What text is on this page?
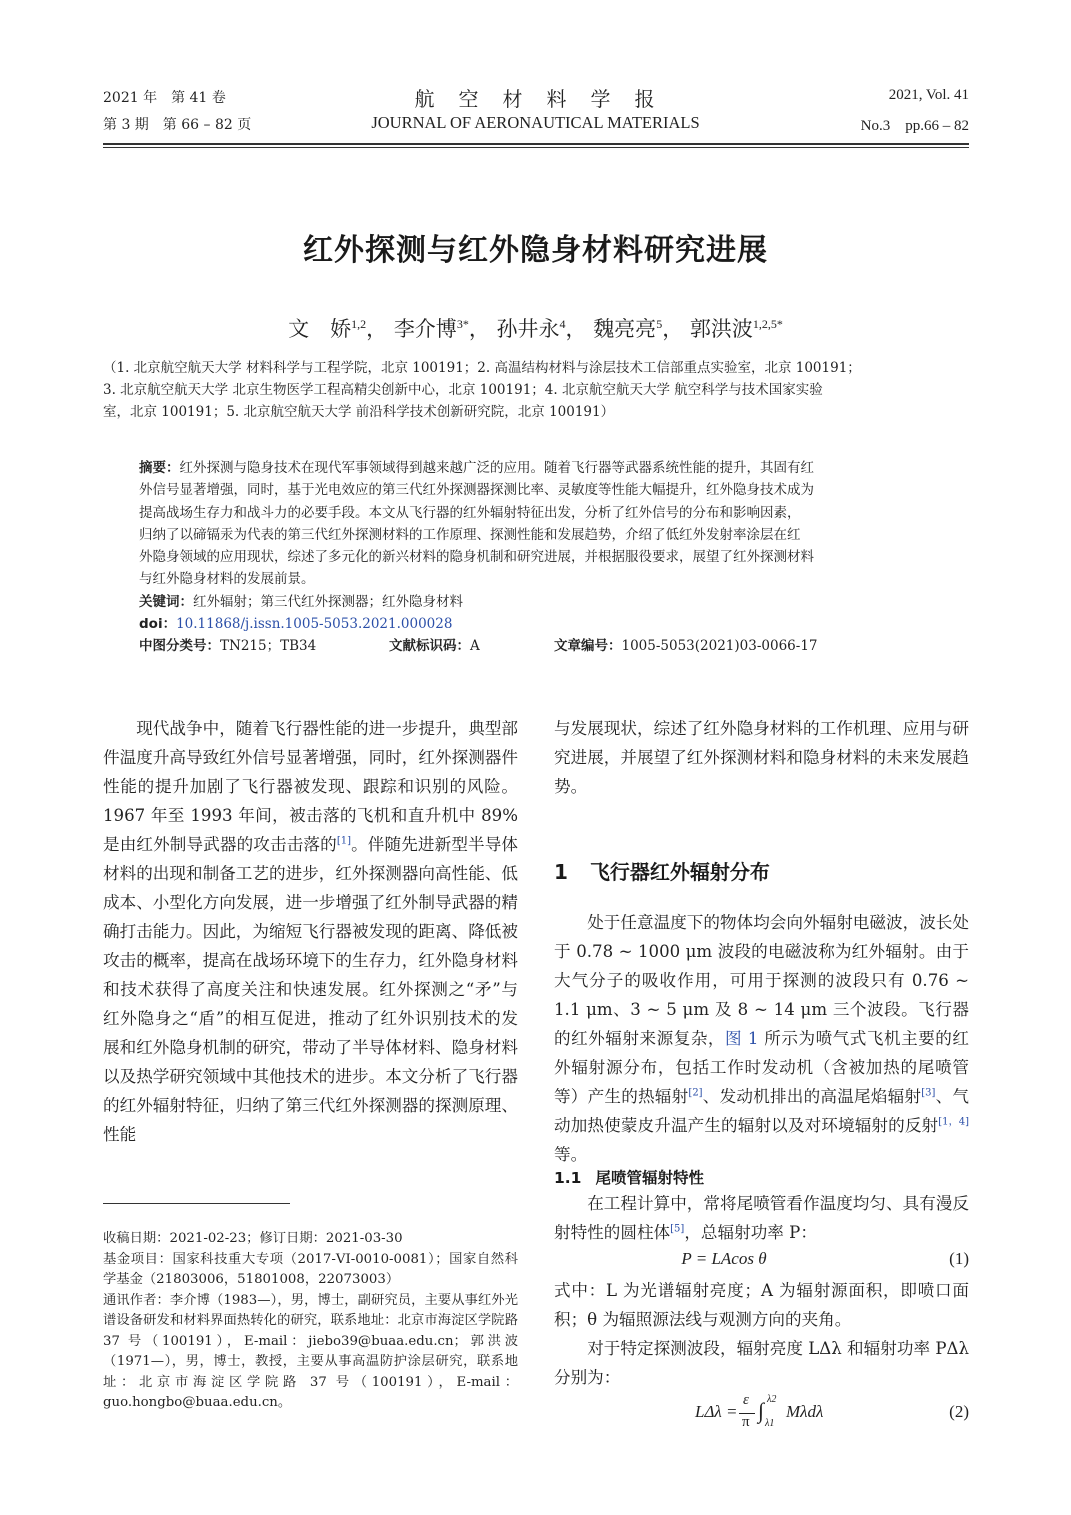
2021 年　第 41 卷
第 3 期　第 66 – 82 页
航　空　材　料　学　报
JOURNAL OF AERONAUTICAL MATERIALS
2021, Vol. 41
No.3　pp.66 – 82
红外探测与红外隐身材料研究进展
文　娇$^{1,2}$， 李介博$^{3*}$， 孙井永$^4$， 魏亮亮$^5$， 郭洪波$^{1,2,5*}$
（1. 北京航空航天大学 材料科学与工程学院，北京 100191；2. 高温结构材料与涂层技术工信部重点实验室，北京 100191；
3. 北京航空航天大学 北京生物医学工程高精尖创新中心，北京 100191；4. 北京航空航天大学 航空科学与技术国家实验
室，北京 100191；5. 北京航空航天大学 前沿科学技术创新研究院，北京 100191）
摘要：红外探测与隐身技术在现代军事领域得到越来越广泛的应用。随着飞行器等武器系统性能的提升，其固有红
外信号显著增强，同时，基于光电效应的第三代红外探测器探测比率、灵敏度等性能大幅提升，红外隐身技术成为
提高战场生存力和战斗力的必要手段。本文从飞行器的红外辐射特征出发，分析了红外信号的分布和影响因素，
归纳了以碲镉汞为代表的第三代红外探测材料的工作原理、探测性能和发展趋势，介绍了低红外发射率涂层在红
外隐身领域的应用现状，综述了多元化的新兴材料的隐身机制和研究进展，并根据服役要求，展望了红外探测材料
与红外隐身材料的发展前景。
关键词：红外辐射；第三代红外探测器；红外隐身材料
doi：10.11868/j.issn.1005-5053.2021.000028
中图分类号：TN215；TB34	文献标识码：A	文章编号：1005-5053(2021)03-0066-17

现代战争中，随着飞行器性能的进一步提升，典型部件温度升高导致红外信号显著增强，同时，红外探测器件性能的提升加剧了飞行器被发现、跟踪和识别的风险。1967 年至 1993 年间，被击落的飞机和直升机中 89% 是由红外制导武器的攻击击落的[1]。伴随先进新型半导体材料的出现和制备工艺的进步，红外探测器向高性能、低成本、小型化方向发展，进一步增强了红外制导武器的精确打击能力。因此，为缩短飞行器被发现的距离、降低被攻击的概率，提高在战场环境下的生存力，红外隐身材料和技术获得了高度关注和快速发展。红外探测之“矛”与红外隐身之“盾”的相互促进，推动了红外识别技术的发展和红外隐身机制的研究，带动了半导体材料、隐身材料以及热学研究领域中其他技术的进步。本文分析了飞行器的红外辐射特征，归纳了第三代红外探测器的探测原理、性能

收稿日期：2021-02-23；修订日期：2021-03-30
基金项目：国家科技重大专项（2017-VI-0010-0081）；国家自然科学基金（21803006，51801008，22073003）
通讯作者：李介博（1983—），男，博士，副研究员，主要从事红外光谱设备研发和材料界面热转化的研究，联系地址：北京市海淀区学院路 37 号（100191），E-mail：jiebo39@buaa.edu.cn；郭洪波（1971—），男，博士，教授，主要从事高温防护涂层研究，联系地址：北京市海淀区学院路 37 号（100191），E-mail：guo.hongbo@buaa.edu.cn。

与发展现状，综述了红外隐身材料的工作机理、应用与研究进展，并展望了红外探测材料和隐身材料的未来发展趋势。

1 飞行器红外辐射分布

处于任意温度下的物体均会向外辐射电磁波，波长处于 0.78 ~ 1000 μm 波段的电磁波称为红外辐射。由于大气分子的吸收作用，可用于探测的波段只有 0.76 ~ 1.1 μm、3 ~ 5 μm 及 8 ~ 14 μm 三个波段。飞行器的红外辐射来源复杂，图 1 所示为喷气式飞机主要的红外辐射源分布，包括工作时发动机（含被加热的尾喷管等）产生的热辐射[2]、发动机排出的高温尾焰辐射[3]、气动加热使蒙皮升温产生的辐射以及对环境辐射的反射[1，4] 等。

1.1 尾喷管辐射特性

在工程计算中，常将尾喷管看作温度均匀、具有漫反射特性的圆柱体[5]，总辐射功率 P：

P = LAcos θ	(1)

式中：L 为光谱辐射亮度；A 为辐射源面积，即喷口面积；θ 为辐照源法线与观测方向的夹角。

对于特定探测波段，辐射亮度 LΔλ 和辐射功率 PΔλ 分别为：

LΔλ =
ε
π ∫ λ2
λ1
Mλdλ	(2)
